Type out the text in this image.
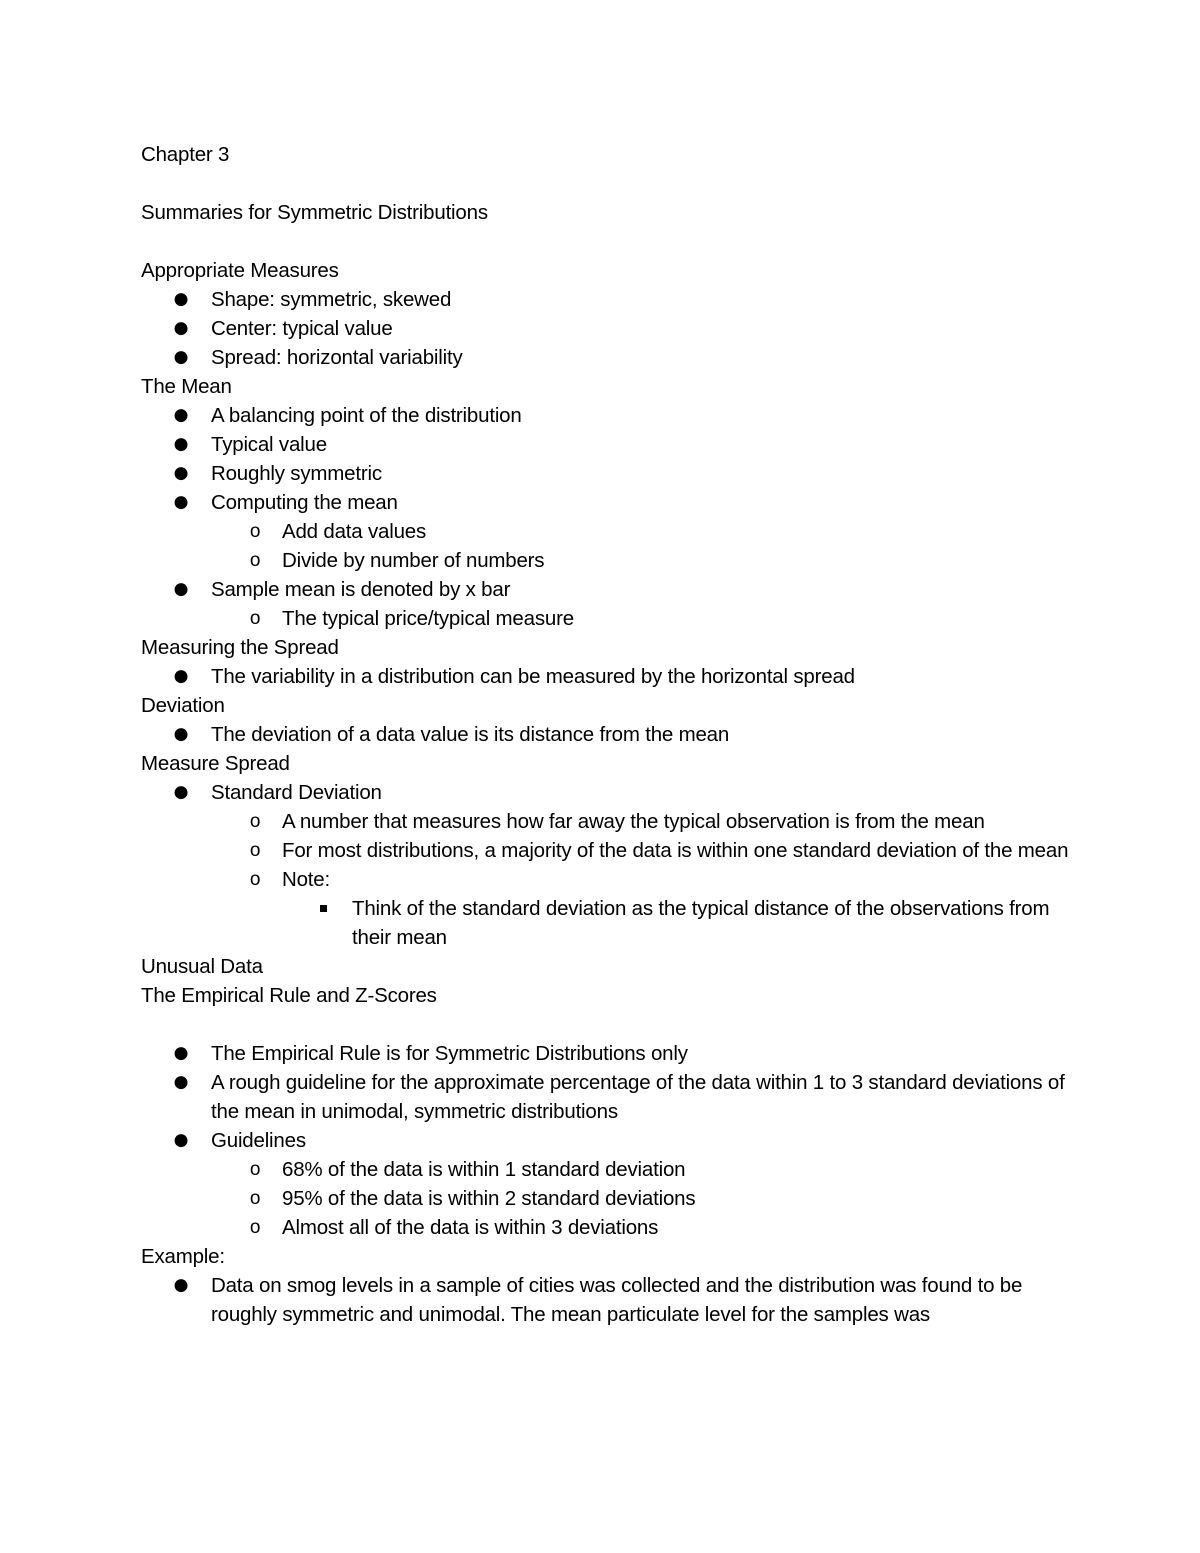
Chapter 3

Summaries for Symmetric Distributions

Appropriate Measures

● Shape: symmetric, skewed
● Center: typical value
● Spread: horizontal variability

The Mean

● A balancing point of the distribution
● Typical value
● Roughly symmetric
● Computing the mean
o Add data values
o Divide by number of numbers
● Sample mean is denoted by x bar
o The typical price/typical measure

Measuring the Spread

● The variability in a distribution can be measured by the horizontal spread

Deviation

● The deviation of a data value is its distance from the mean

Measure Spread

● Standard Deviation
o A number that measures how far away the typical observation is from the mean
o For most distributions, a majority of the data is within one standard deviation of the mean
o Note:
Think of the standard deviation as the typical distance of the observations from their mean

Unusual Data

The Empirical Rule and Z-Scores

● The Empirical Rule is for Symmetric Distributions only
● A rough guideline for the approximate percentage of the data within 1 to 3 standard deviations of the mean in unimodal, symmetric distributions
● Guidelines
o 68% of the data is within 1 standard deviation
o 95% of the data is within 2 standard deviations
o Almost all of the data is within 3 deviations

Example:

● Data on smog levels in a sample of cities was collected and the distribution was found to be roughly symmetric and unimodal. The mean particulate level for the samples was
